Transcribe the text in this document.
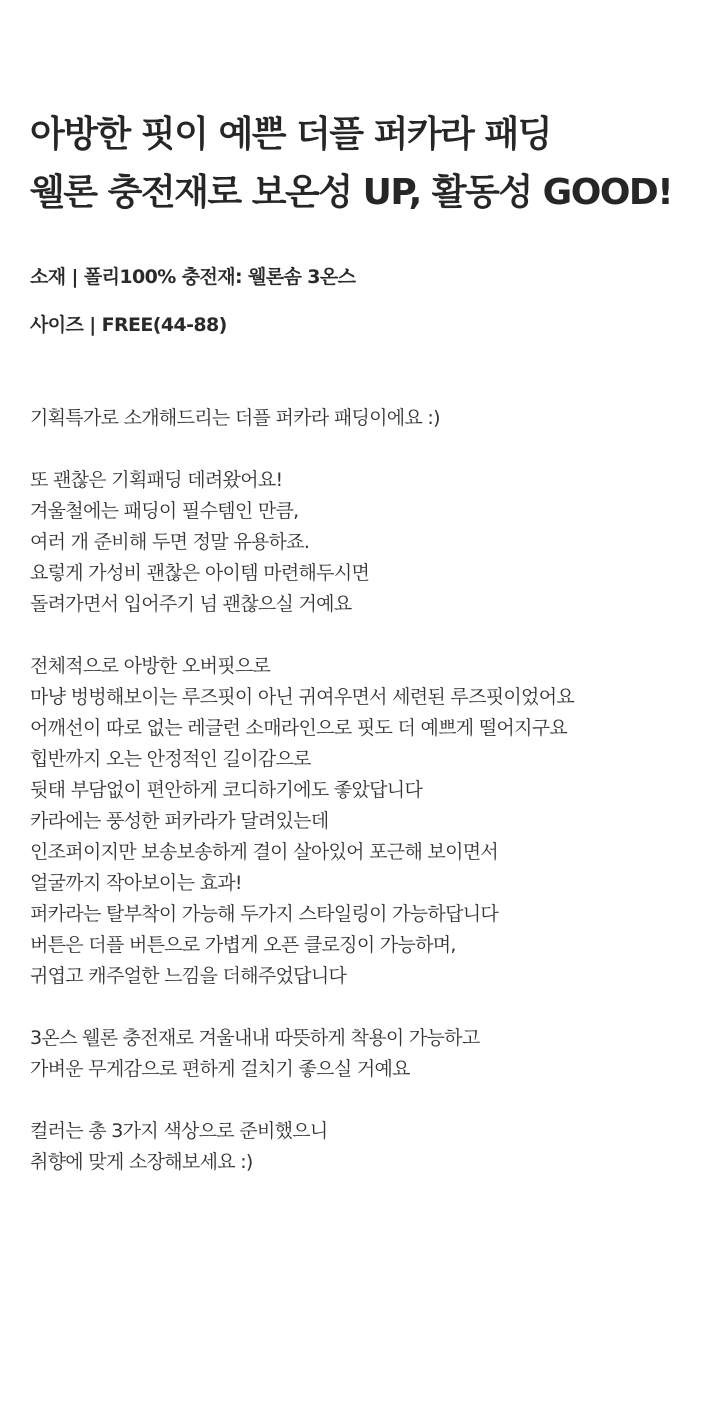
아방한 핏이 예쁜 더플 퍼카라 패딩
웰론 충전재로 보온성 UP, 활동성 GOOD!
소재 | 폴리100% 충전재: 웰론솜 3온스
사이즈 | FREE(44-88)

기획특가로 소개해드리는 더플 퍼카라 패딩이에요 :)

또 괜찮은 기획패딩 데려왔어요!
겨울철에는 패딩이 필수템인 만큼,
여러 개 준비해 두면 정말 유용하죠.
요렇게 가성비 괜찮은 아이템 마련해두시면
돌려가면서 입어주기 넘 괜찮으실 거예요

전체적으로 아방한 오버핏으로
마냥 벙벙해보이는 루즈핏이 아닌 귀여우면서 세련된 루즈핏이었어요
어깨선이 따로 없는 레글런 소매라인으로 핏도 더 예쁘게 떨어지구요
힙반까지 오는 안정적인 길이감으로
뒷태 부담없이 편안하게 코디하기에도 좋았답니다
카라에는 풍성한 퍼카라가 달려있는데
인조퍼이지만 보송보송하게 결이 살아있어 포근해 보이면서
얼굴까지 작아보이는 효과!
퍼카라는 탈부착이 가능해 두가지 스타일링이 가능하답니다
버튼은 더플 버튼으로 가볍게 오픈 클로징이 가능하며,
귀엽고 캐주얼한 느낌을 더해주었답니다

3온스 웰론 충전재로 겨울내내 따뜻하게 착용이 가능하고
가벼운 무게감으로 편하게 걸치기 좋으실 거예요

컬러는 총 3가지 색상으로 준비했으니
취향에 맞게 소장해보세요 :)
